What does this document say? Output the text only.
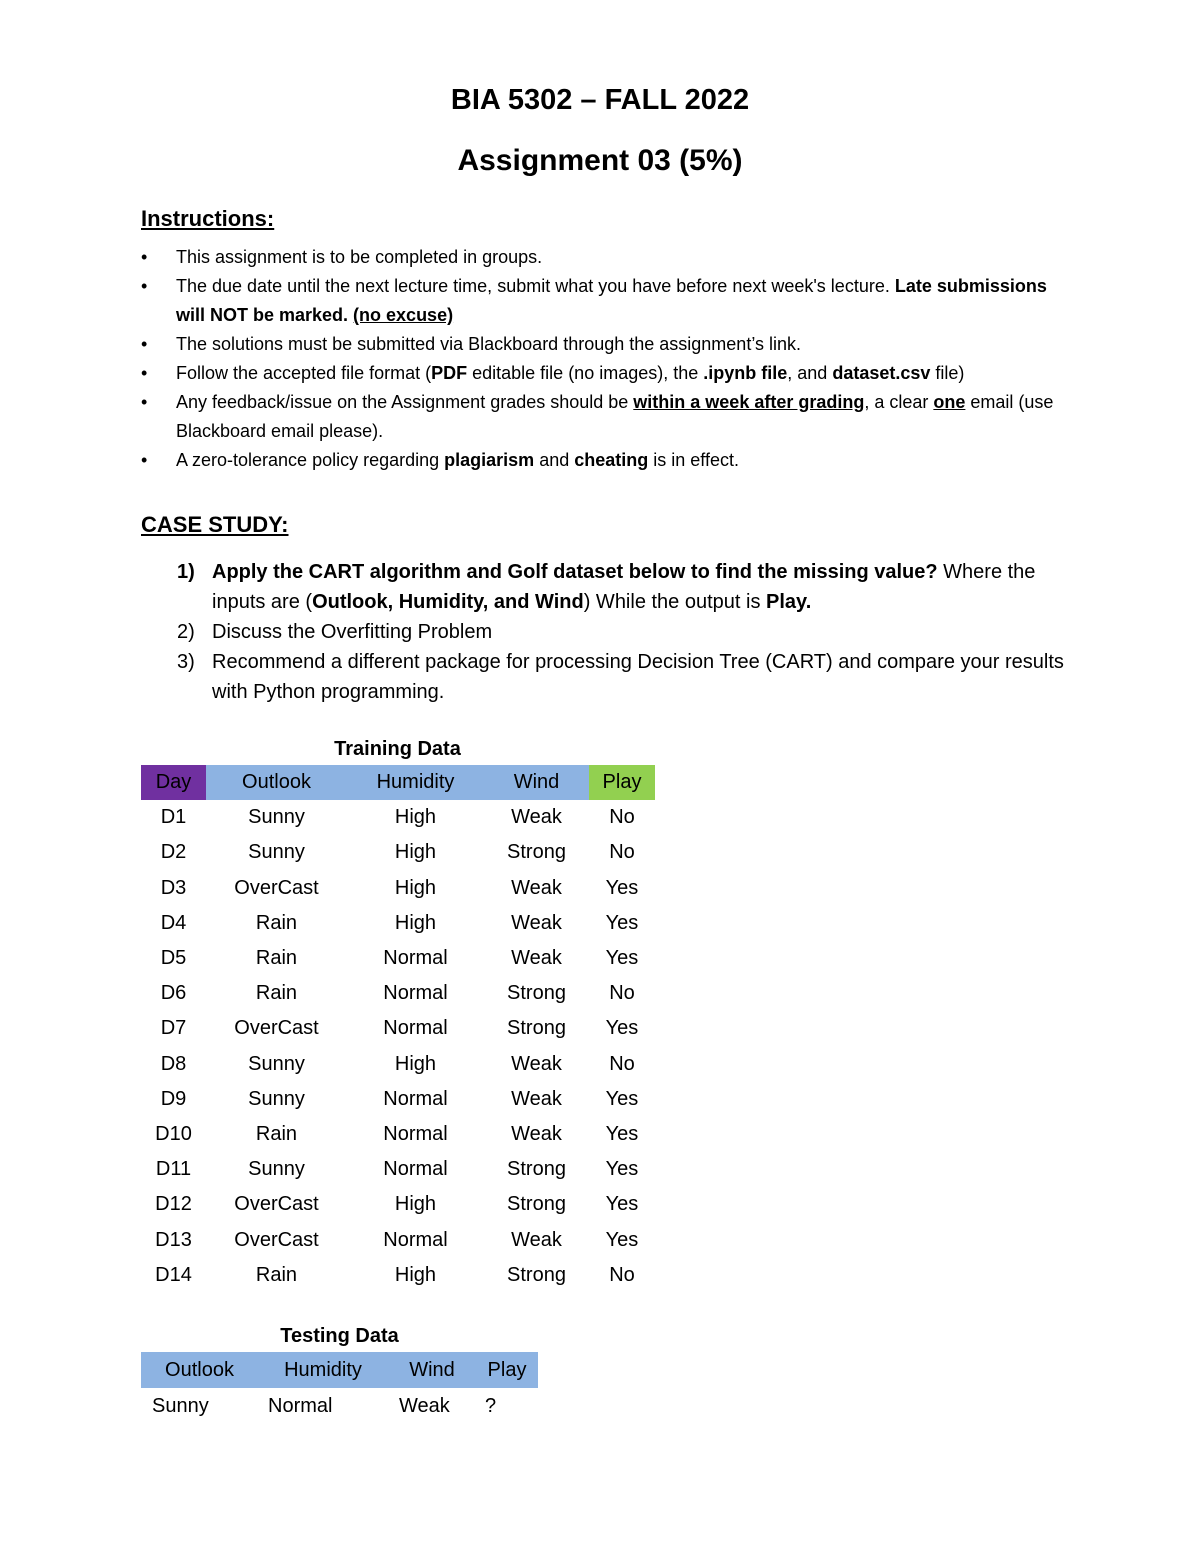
BIA 5302 – FALL 2022
Assignment 03 (5%)
Instructions:
• This assignment is to be completed in groups.
• The due date until the next lecture time, submit what you have before next week's lecture. Late submissions will NOT be marked. (no excuse)
• The solutions must be submitted via Blackboard through the assignment’s link.
• Follow the accepted file format (PDF editable file (no images), the .ipynb file, and dataset.csv file)
• Any feedback/issue on the Assignment grades should be within a week after grading, a clear one email (use Blackboard email please).
• A zero-tolerance policy regarding plagiarism and cheating is in effect.
CASE STUDY:
1) Apply the CART algorithm and Golf dataset below to find the missing value? Where the inputs are (Outlook, Humidity, and Wind) While the output is Play.
2) Discuss the Overfitting Problem
3) Recommend a different package for processing Decision Tree (CART) and compare your results with Python programming.
Training Data
Day	Outlook	Humidity	Wind	Play
D1	Sunny	High	Weak	No
D2	Sunny	High	Strong	No
D3	OverCast	High	Weak	Yes
D4	Rain	High	Weak	Yes
D5	Rain	Normal	Weak	Yes
D6	Rain	Normal	Strong	No
D7	OverCast	Normal	Strong	Yes
D8	Sunny	High	Weak	No
D9	Sunny	Normal	Weak	Yes
D10	Rain	Normal	Weak	Yes
D11	Sunny	Normal	Strong	Yes
D12	OverCast	High	Strong	Yes
D13	OverCast	Normal	Weak	Yes
D14	Rain	High	Strong	No
Testing Data
Outlook	Humidity	Wind	Play
Sunny	Normal	Weak	?
